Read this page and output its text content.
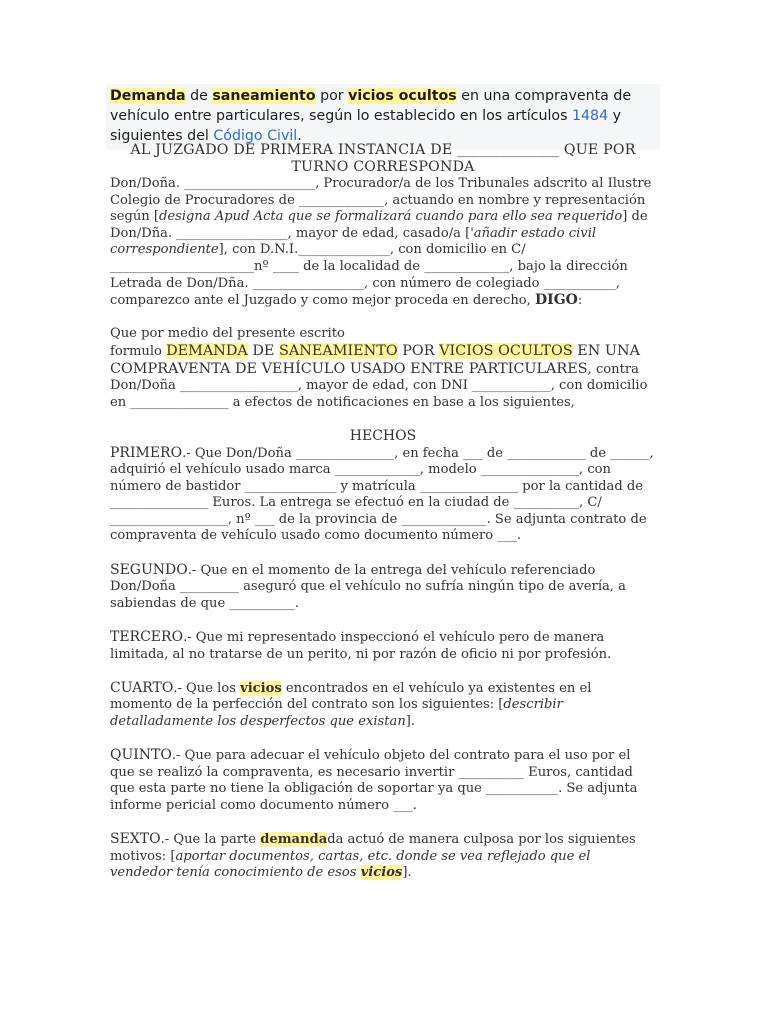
Demanda de saneamiento por vicios ocultos en una compraventa de vehículo entre particulares, según lo establecido en los artículos 1484 y siguientes del Código Civil.

AL JUZGADO DE PRIMERA INSTANCIA DE ______________ QUE POR TURNO CORRESPONDA

Don/Doña. ____________________, Procurador/a de los Tribunales adscrito al Ilustre Colegio de Procuradores de _____________, actuando en nombre y representación según [designa Apud Acta que se formalizará cuando para ello sea requerido] de Don/Dña. _________________, mayor de edad, casado/a ['añadir estado civil correspondiente], con D.N.I.______________, con domicilio en C/ ______________________nº ____ de la localidad de _____________, bajo la dirección Letrada de Don/Dña. _________________, con número de colegiado ___________, comparezco ante el Juzgado y como mejor proceda en derecho, DIGO:

Que por medio del presente escrito

formulo DEMANDA DE SANEAMIENTO POR VICIOS OCULTOS EN UNA COMPRAVENTA DE VEHÍCULO USADO ENTRE PARTICULARES, contra Don/Doña __________________, mayor de edad, con DNI ____________, con domicilio en _______________ a efectos de notificaciones en base a los siguientes,

HECHOS

PRIMERO.- Que Don/Doña _______________, en fecha ___ de ____________ de ______, adquirió el vehículo usado marca _____________, modelo _______________, con número de bastidor ______________ y matrícula _______________ por la cantidad de _______________ Euros. La entrega se efectuó en la ciudad de __________, C/ __________________, nº ___ de la provincia de _____________. Se adjunta contrato de compraventa de vehículo usado como documento número ___.

SEGUNDO.- Que en el momento de la entrega del vehículo referenciado Don/Doña _________ aseguró que el vehículo no sufría ningún tipo de avería, a sabiendas de que __________.

TERCERO.- Que mi representado inspeccionó el vehículo pero de manera limitada, al no tratarse de un perito, ni por razón de oficio ni por profesión.

CUARTO.- Que los vicios encontrados en el vehículo ya existentes en el momento de la perfección del contrato son los siguientes: [describir detalladamente los desperfectos que existan].

QUINTO.- Que para adecuar el vehículo objeto del contrato para el uso por el que se realizó la compraventa, es necesario invertir __________ Euros, cantidad que esta parte no tiene la obligación de soportar ya que ___________. Se adjunta informe pericial como documento número ___.

SEXTO.- Que la parte demandada actuó de manera culposa por los siguientes motivos: [aportar documentos, cartas, etc. donde se vea reflejado que el vendedor tenía conocimiento de esos vicios].
